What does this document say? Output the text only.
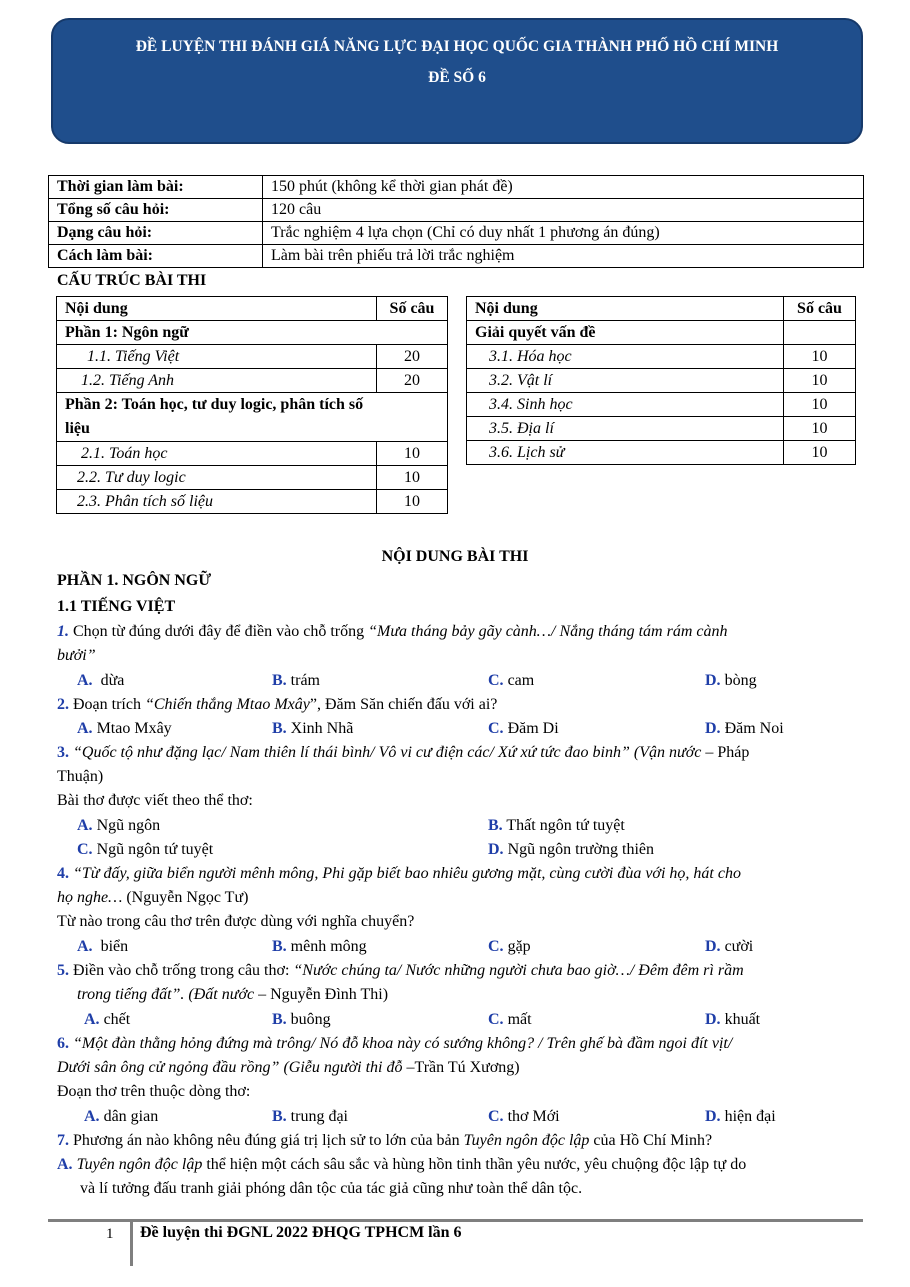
ĐỀ LUYỆN THI ĐÁNH GIÁ NĂNG LỰC ĐẠI HỌC QUỐC GIA THÀNH PHỐ HỒ CHÍ MINH
ĐỀ SỐ 6
Thời gian làm bài:	150 phút (không kể thời gian phát đề)
Tổng số câu hỏi:	120 câu
Dạng câu hỏi:	Trắc nghiệm 4 lựa chọn (Chỉ có duy nhất 1 phương án đúng)
Cách làm bài:	Làm bài trên phiếu trả lời trắc nghiệm
CẤU TRÚC BÀI THI
Nội dung	Số câu
Phần 1: Ngôn ngữ	
1.1. Tiếng Việt	20
1.2. Tiếng Anh	20
Phần 2: Toán học, tư duy logic, phân tích số
liệu	
2.1. Toán học	10
2.2. Tư duy logic	10
2.3. Phân tích số liệu	10
Nội dung	Số câu
Giải quyết vấn đề	
3.1. Hóa học	10
3.2. Vật lí	10
3.4. Sinh học	10
3.5. Địa lí	10
3.6. Lịch sử	10
NỘI DUNG BÀI THI
PHẦN 1. NGÔN NGỮ
1.1 TIẾNG VIỆT
1. Chọn từ đúng dưới đây để điền vào chỗ trống “Mưa tháng bảy gãy cành…/ Nắng tháng tám rám cành
bưởi”
A. dừa	B. trám	C. cam	D. bòng
2. Đoạn trích “Chiến thắng Mtao Mxây”, Đăm Săn chiến đấu với ai?
A. Mtao Mxây	B. Xinh Nhã	C. Đăm Di	D. Đăm Noi
3. “Quốc tộ như đặng lạc/ Nam thiên lí thái bình/ Vô vi cư điện các/ Xứ xứ tức đao binh” (Vận nước – Pháp
Thuận)
Bài thơ được viết theo thể thơ:
A. Ngũ ngôn	B. Thất ngôn tứ tuyệt
C. Ngũ ngôn tứ tuyệt	D. Ngũ ngôn trường thiên
4. “Từ đấy, giữa biển người mênh mông, Phi gặp biết bao nhiêu gương mặt, cùng cười đùa với họ, hát cho
họ nghe… (Nguyễn Ngọc Tư)
Từ nào trong câu thơ trên được dùng với nghĩa chuyển?
A. biển	B. mênh mông	C. gặp	D. cười
5. Điền vào chỗ trống trong câu thơ: “Nước chúng ta/ Nước những người chưa bao giờ…/ Đêm đêm rì rầm
trong tiếng đất”. (Đất nước – Nguyễn Đình Thi)
A. chết	B. buông	C. mất	D. khuất
6. “Một đàn thằng hỏng đứng mà trông/ Nó đỗ khoa này có sướng không? / Trên ghế bà đầm ngoi đít vịt/
Dưới sân ông cử ngỏng đầu rồng” (Giễu người thi đỗ –Trần Tú Xương)
Đoạn thơ trên thuộc dòng thơ:
A. dân gian	B. trung đại	C. thơ Mới	D. hiện đại
7. Phương án nào không nêu đúng giá trị lịch sử to lớn của bản Tuyên ngôn độc lập của Hồ Chí Minh?
A. Tuyên ngôn độc lập thể hiện một cách sâu sắc và hùng hồn tinh thần yêu nước, yêu chuộng độc lập tự do
và lí tưởng đấu tranh giải phóng dân tộc của tác giả cũng như toàn thể dân tộc.
1 Đề luyện thi ĐGNL 2022 ĐHQG TPHCM lần 6
